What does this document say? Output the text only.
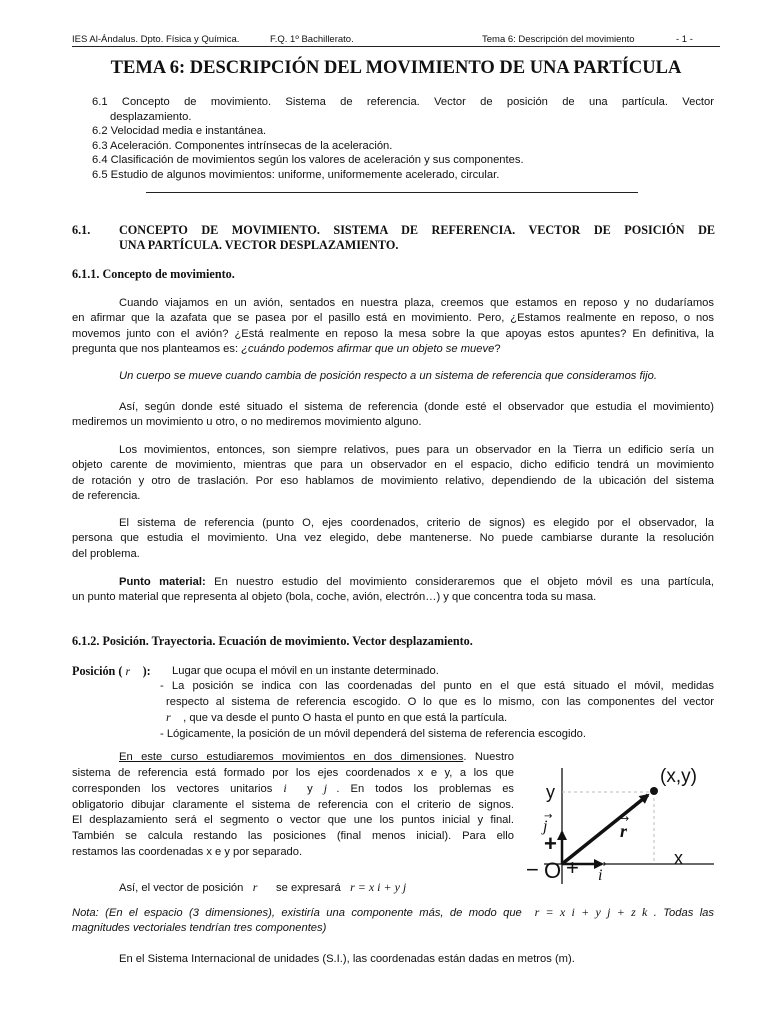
IES Al-Ándalus. Dpto. Física y Química.	F.Q. 1º Bachillerato.	Tema 6: Descripción del movimiento	- 1 -
TEMA 6: DESCRIPCIÓN DEL MOVIMIENTO DE UNA PARTÍCULA
6.1 Concepto de movimiento. Sistema de referencia. Vector de posición de una partícula. Vector
desplazamiento.
6.2 Velocidad media e instantánea.
6.3 Aceleración. Componentes intrínsecas de la aceleración.
6.4 Clasificación de movimientos según los valores de aceleración y sus componentes.
6.5 Estudio de algunos movimientos: uniforme, uniformemente acelerado, circular.
6.1. CONCEPTO DE MOVIMIENTO. SISTEMA DE REFERENCIA. VECTOR DE POSICIÓN DE
UNA PARTÍCULA. VECTOR DESPLAZAMIENTO.
6.1.1. Concepto de movimiento.
Cuando viajamos en un avión, sentados en nuestra plaza, creemos que estamos en reposo y no dudaríamos
en afirmar que la azafata que se pasea por el pasillo está en movimiento. Pero, ¿Estamos realmente en reposo, o nos
movemos junto con el avión? ¿Está realmente en reposo la mesa sobre la que apoyas estos apuntes? En definitiva, la
pregunta que nos planteamos es: ¿cuándo podemos afirmar que un objeto se mueve?
Un cuerpo se mueve cuando cambia de posición respecto a un sistema de referencia que consideramos fijo.
Así, según donde esté situado el sistema de referencia (donde esté el observador que estudia el movimiento)
mediremos un movimiento u otro, o no mediremos movimiento alguno.
Los movimientos, entonces, son siempre relativos, pues para un observador en la Tierra un edificio sería un
objeto carente de movimiento, mientras que para un observador en el espacio, dicho edificio tendrá un movimiento
de rotación y otro de traslación. Por eso hablamos de movimiento relativo, dependiendo de la ubicación del sistema
de referencia.
El sistema de referencia (punto O, ejes coordenados, criterio de signos) es elegido por el observador, la
persona que estudia el movimiento. Una vez elegido, debe mantenerse. No puede cambiarse durante la resolución
del problema.
Punto material: En nuestro estudio del movimiento consideraremos que el objeto móvil es una partícula,
un punto material que representa al objeto (bola, coche, avión, electrón…) y que concentra toda su masa.
6.1.2. Posición. Trayectoria. Ecuación de movimiento. Vector desplazamiento.
Posición ( r⃗ ):	Lugar que ocupa el móvil en un instante determinado.
- La posición se indica con las coordenadas del punto en el que está situado el móvil, medidas
respecto al sistema de referencia escogido. O lo que es lo mismo, con las componentes del vector
r⃗ , que va desde el punto O hasta el punto en que está la partícula.
- Lógicamente, la posición de un móvil dependerá del sistema de referencia escogido.
En este curso estudiaremos movimientos en dos dimensiones. Nuestro
sistema de referencia está formado por los ejes coordenados x e y, a los que
corresponden los vectores unitarios i⃗ y j⃗. En todos los problemas es
obligatorio dibujar claramente el sistema de referencia con el criterio de signos.
El desplazamiento será el segmento o vector que une los puntos inicial y final.
También se calcula restando las posiciones (final menos inicial). Para ello
restamos las coordenadas x e y por separado.
Así, el vector de posición r⃗ se expresará r = x i + y j
Nota: (En el espacio (3 dimensiones), existiría una componente más, de modo que r = x i + y j + z k . Todas las
magnitudes vectoriales tendrían tres componentes)
En el Sistema Internacional de unidades (S.I.), las coordenadas están dadas en metros (m).
(x,y)
y
x
O
−
+
+
j
→
i
→
r
→
